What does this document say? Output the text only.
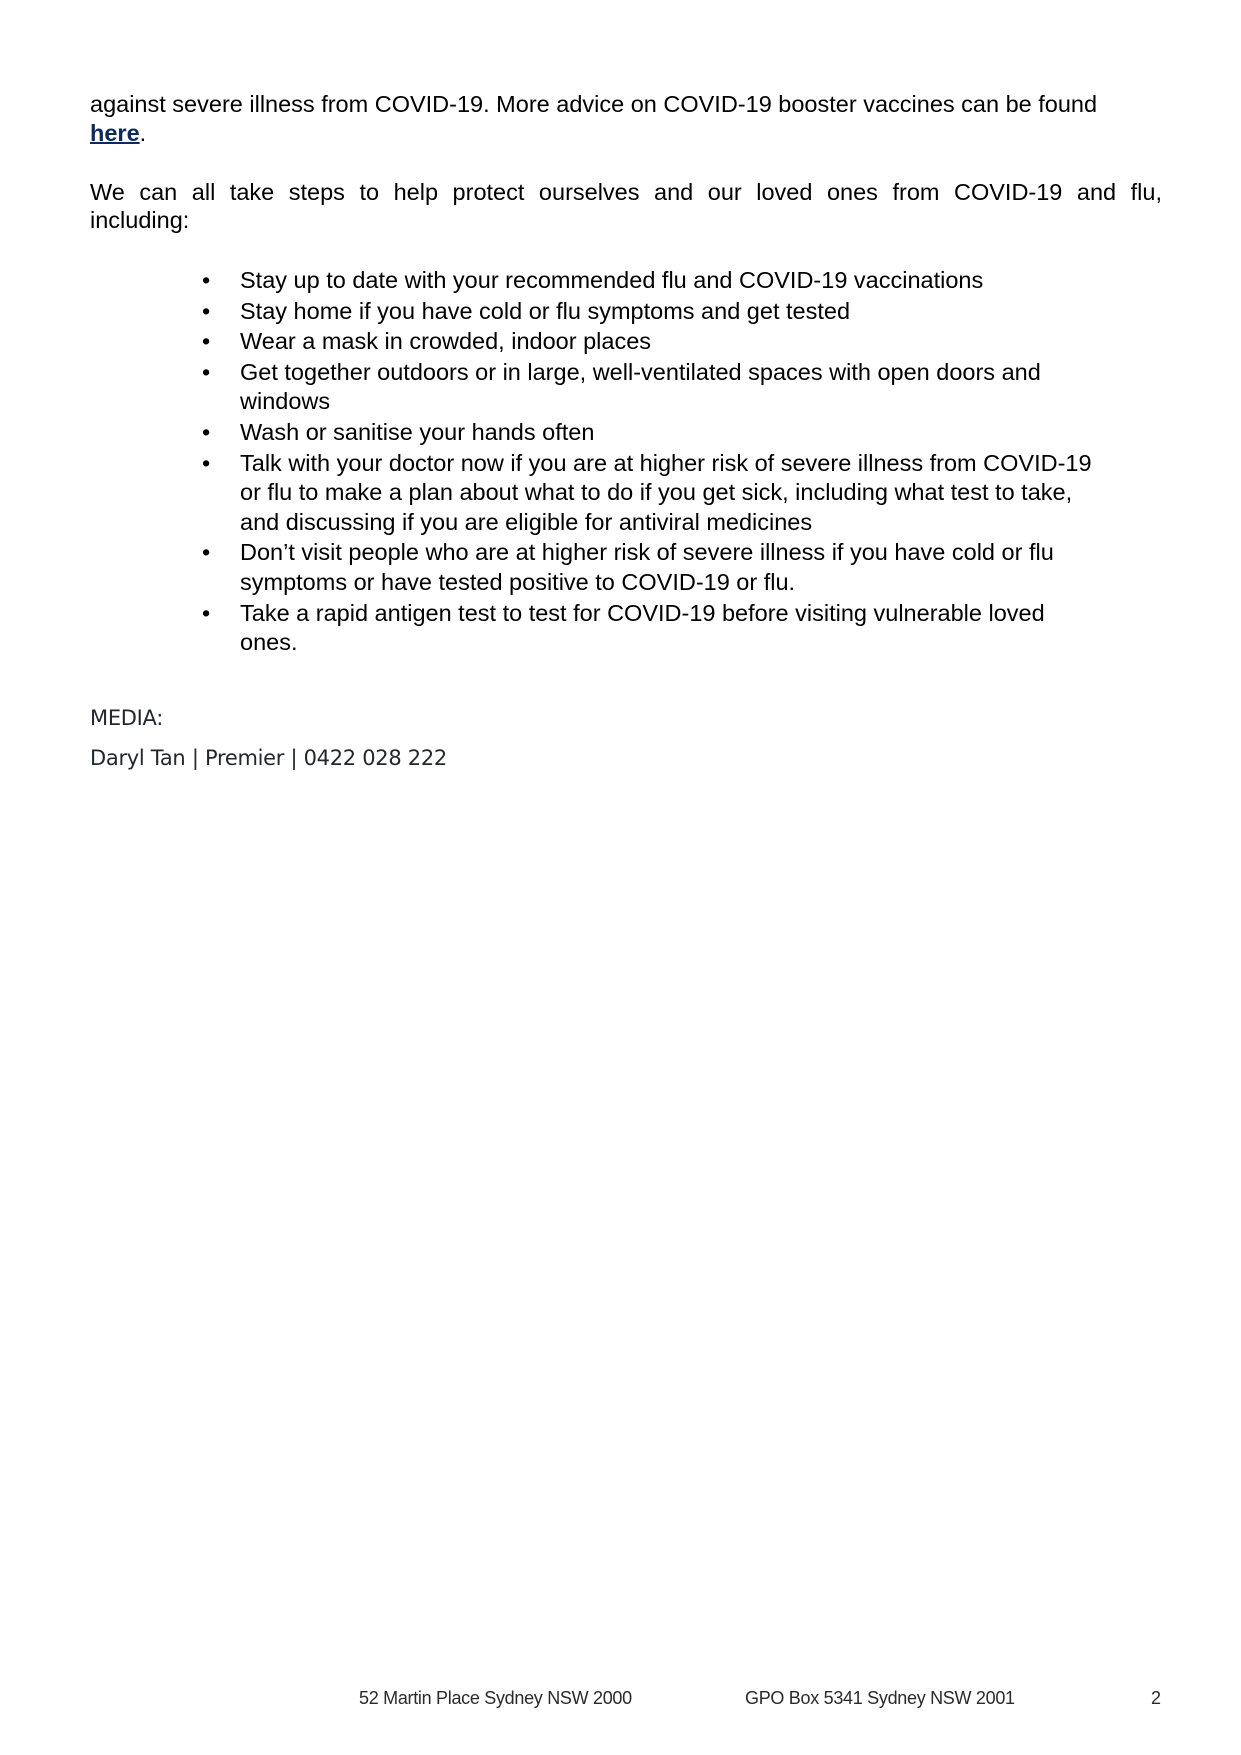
against severe illness from COVID-19. More advice on COVID-19 booster vaccines can be found
here.
We can all take steps to help protect ourselves and our loved ones from COVID-19 and flu,
including:
• Stay up to date with your recommended flu and COVID-19 vaccinations
• Stay home if you have cold or flu symptoms and get tested
• Wear a mask in crowded, indoor places
• Get together outdoors or in large, well-ventilated spaces with open doors and
windows
• Wash or sanitise your hands often
• Talk with your doctor now if you are at higher risk of severe illness from COVID-19
or flu to make a plan about what to do if you get sick, including what test to take,
and discussing if you are eligible for antiviral medicines
• Don’t visit people who are at higher risk of severe illness if you have cold or flu
symptoms or have tested positive to COVID-19 or flu.
• Take a rapid antigen test to test for COVID-19 before visiting vulnerable loved
ones.
MEDIA:
Daryl Tan | Premier | 0422 028 222
52 Martin Place Sydney NSW 2000	GPO Box 5341 Sydney NSW 2001	2
